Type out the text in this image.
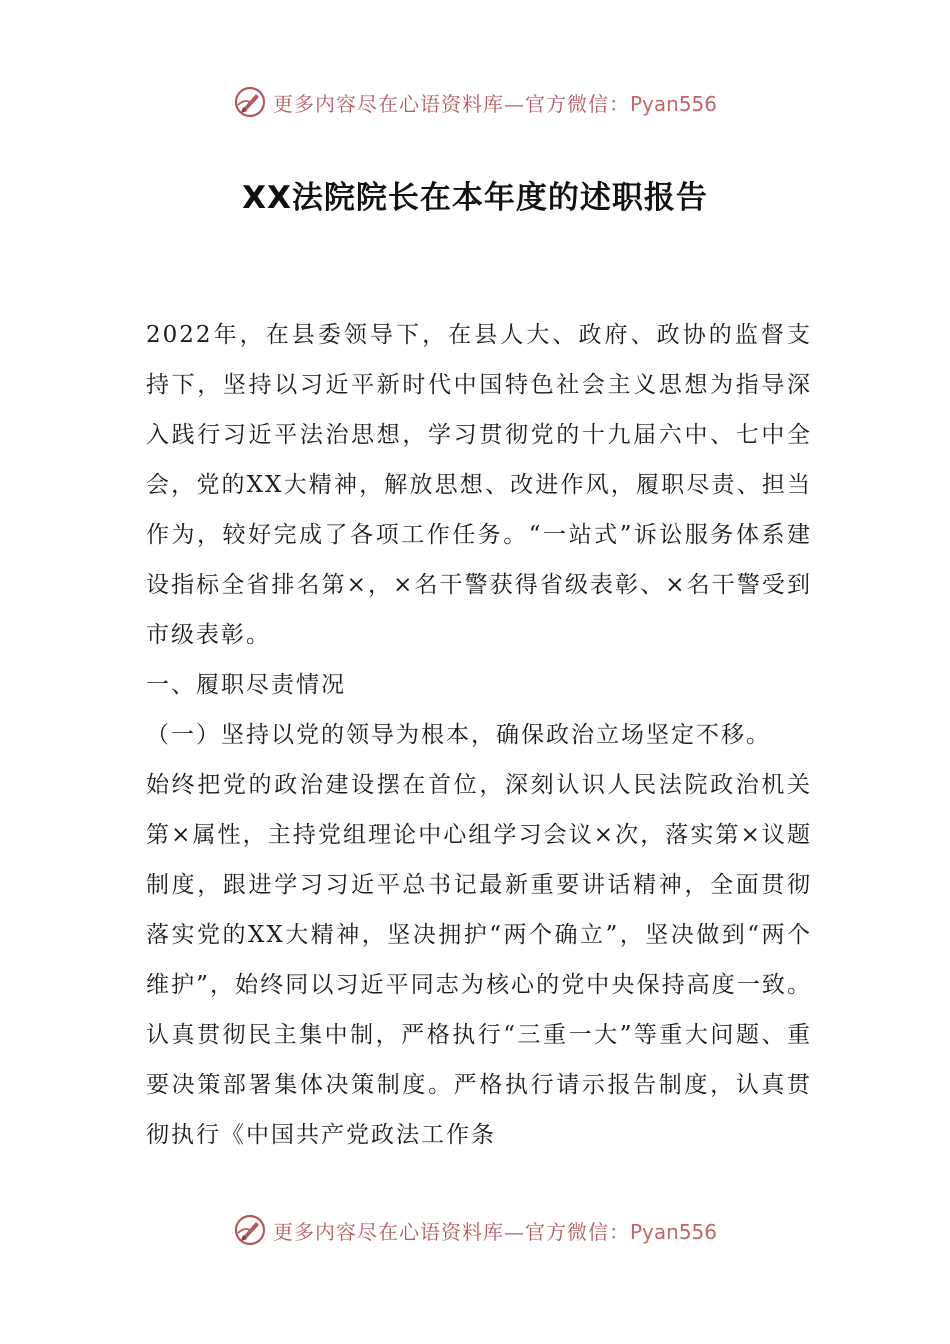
更多内容尽在心语资料库—官方微信：Pyan556
XX法院院长在本年度的述职报告

2022年，在县委领导下，在县人大、政府、政协的监督支持下，坚持以习近平新时代中国特色社会主义思想为指导深入践行习近平法治思想，学习贯彻党的十九届六中、七中全会，党的XX大精神，解放思想、改进作风，履职尽责、担当作为，较好完成了各项工作任务。“一站式”诉讼服务体系建设指标全省排名第×，×名干警获得省级表彰、×名干警受到市级表彰。

一、履职尽责情况

（一）坚持以党的领导为根本，确保政治立场坚定不移。

始终把党的政治建设摆在首位，深刻认识人民法院政治机关第×属性，主持党组理论中心组学习会议×次，落实第×议题制度，跟进学习习近平总书记最新重要讲话精神，全面贯彻落实党的XX大精神，坚决拥护“两个确立”，坚决做到“两个维护”，始终同以习近平同志为核心的党中央保持高度一致。认真贯彻民主集中制，严格执行“三重一大”等重大问题、重要决策部署集体决策制度。严格执行请示报告制度，认真贯彻执行《中国共产党政法工作条

更多内容尽在心语资料库—官方微信：Pyan556
